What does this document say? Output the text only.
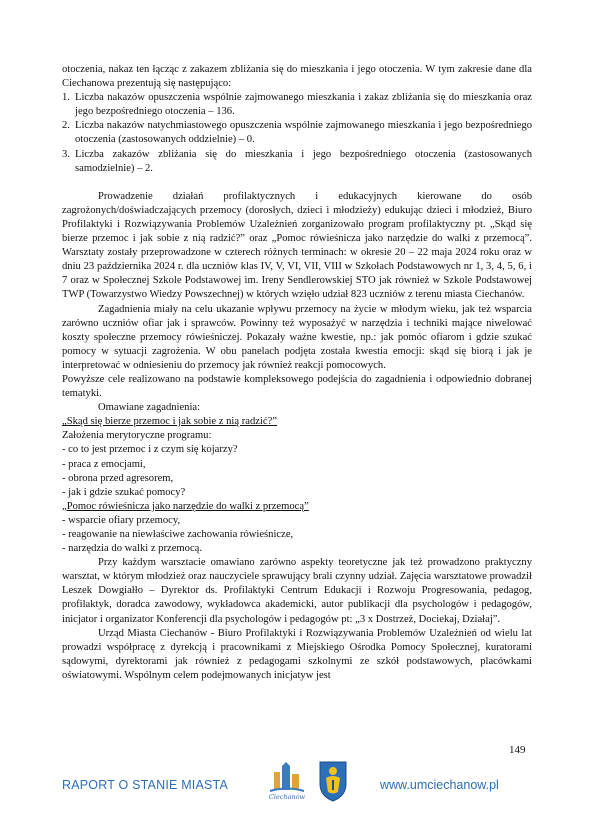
otoczenia, nakaz ten łącząc z zakazem zbliżania się do mieszkania i jego otoczenia. W tym zakresie dane dla Ciechanowa prezentują się następująco:

1. Liczba nakazów opuszczenia wspólnie zajmowanego mieszkania i zakaz zbliżania się do mieszkania oraz jego bezpośredniego otoczenia – 136.
2. Liczba nakazów natychmiastowego opuszczenia wspólnie zajmowanego mieszkania i jego bezpośredniego otoczenia (zastosowanych oddzielnie) – 0.
3. Liczba zakazów zbliżania się do mieszkania i jego bezpośredniego otoczenia (zastosowanych samodzielnie) – 2.

Prowadzenie działań profilaktycznych i edukacyjnych kierowane do osób zagrożonych/doświadczających przemocy (dorosłych, dzieci i młodzieży) edukując dzieci i młodzież, Biuro Profilaktyki i Rozwiązywania Problemów Uzależnień zorganizowało program profilaktyczny pt. „Skąd się bierze przemoc i jak sobie z nią radzić?” oraz „Pomoc rówieśnicza jako narzędzie do walki z przemocą”. Warsztaty zostały przeprowadzone w czterech różnych terminach: w okresie 20 – 22 maja 2024 roku oraz w dniu 23 października 2024 r. dla uczniów klas IV, V, VI, VII, VIII w Szkołach Podstawowych nr 1, 3, 4, 5, 6, i 7 oraz w Społecznej Szkole Podstawowej im. Ireny Sendlerowskiej STO jak również w Szkole Podstawowej TWP (Towarzystwo Wiedzy Powszechnej) w których wzięło udział 823 uczniów z terenu miasta Ciechanów.

Zagadnienia miały na celu ukazanie wpływu przemocy na życie w młodym wieku, jak też wsparcia zarówno uczniów ofiar jak i sprawców. Powinny też wyposażyć w narzędzia i techniki mające niwelować koszty społeczne przemocy rówieśniczej. Pokazały ważne kwestie, np.: jak pomóc ofiarom i gdzie szukać pomocy w sytuacji zagrożenia. W obu panelach podjęta została kwestia emocji: skąd się biorą i jak je interpretować w odniesieniu do przemocy jak również reakcji pomocowych.

Powyższe cele realizowano na podstawie kompleksowego podejścia do zagadnienia i odpowiednio dobranej tematyki.

Omawiane zagadnienia:

„Skąd się bierze przemoc i jak sobie z nią radzić?”

Założenia merytoryczne programu:

- co to jest przemoc i z czym się kojarzy?

- praca z emocjami,

- obrona przed agresorem,

- jak i gdzie szukać pomocy?

„Pomoc rówieśnicza jako narzędzie do walki z przemocą”

- wsparcie ofiary przemocy,

- reagowanie na niewłaściwe zachowania rówieśnicze,

- narzędzia do walki z przemocą.

Przy każdym warsztacie omawiano zarówno aspekty teoretyczne jak też prowadzono praktyczny warsztat, w którym młodzież oraz nauczyciele sprawujący brali czynny udział. Zajęcia warsztatowe prowadził Leszek Dowgiałło – Dyrektor ds. Profilaktyki Centrum Edukacji i Rozwoju Progresowania, pedagog, profilaktyk, doradca zawodowy, wykładowca akademicki, autor publikacji dla psychologów i pedagogów, inicjator i organizator Konferencji dla psychologów i pedagogów pt: „3 x Dostrzeż, Dociekaj, Działaj”.

Urząd Miasta Ciechanów - Biuro Profilaktyki i Rozwiązywania Problemów Uzależnień od wielu lat prowadzi współpracę z dyrekcją i pracownikami z Miejskiego Ośrodka Pomocy Społecznej, kuratorami sądowymi, dyrektorami jak również z pedagogami szkolnymi ze szkół podstawowych, placówkami oświatowymi. Wspólnym celem podejmowanych inicjatyw jest

149
RAPORT O STANIE MIASTA
Ciechanów
www.umciechanow.pl
